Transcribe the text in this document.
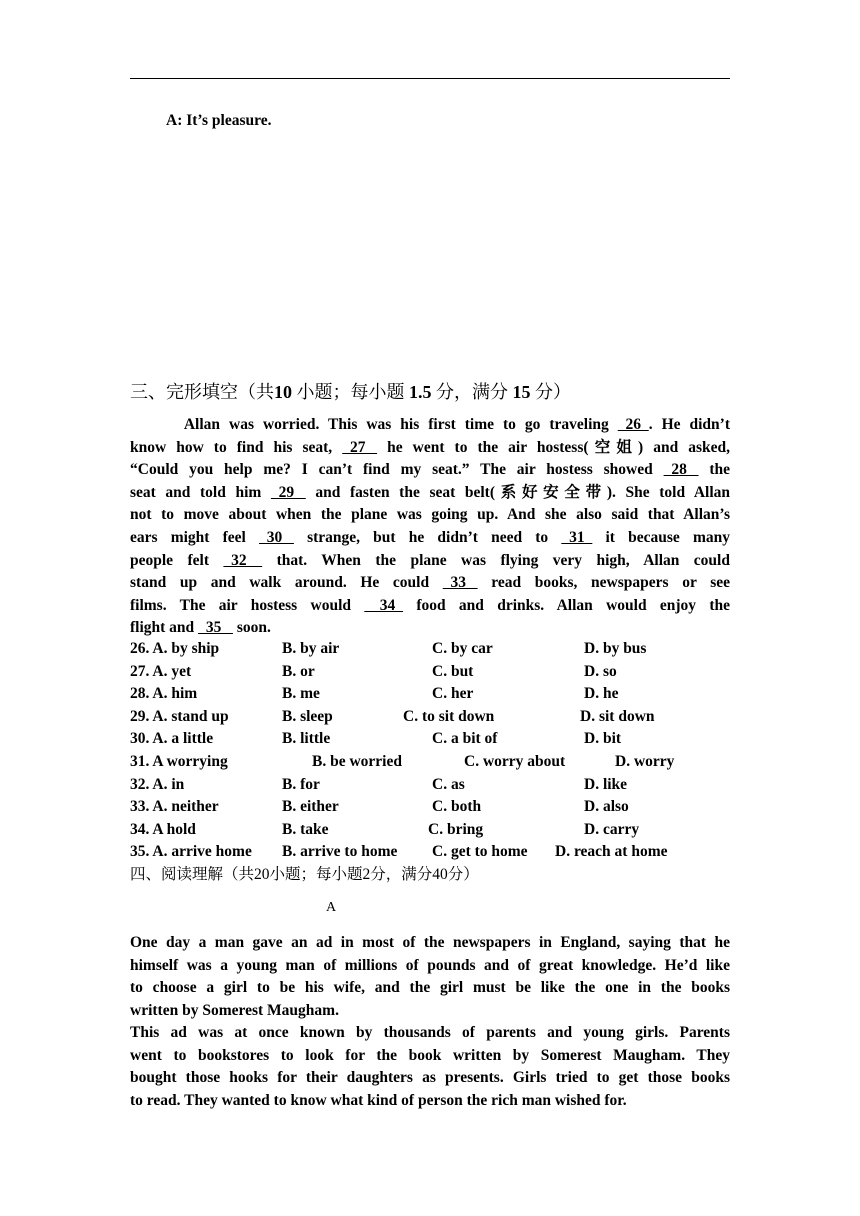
A: It’s pleasure.
三、完形填空（共10 小题；每小题 1.5 分，满分 15 分）
Allan was worried. This was his first time to go traveling   26  . He didn’t
know how to find his seat,   27    he went to the air hostess(空姐) and asked,
“Could you help me? I can’t find my seat.” The air hostess showed   28    the
seat and told him   29    and fasten the seat belt(系好安全带). She told Allan
not to move about when the plane was going up. And she also said that Allan’s
ears might feel   30    strange, but he didn’t need to   31   it because many
people felt   32     that. When the plane was flying very high, Allan could
stand up and walk around. He could   33    read books, newspapers or see
films. The air hostess would     34   food and drinks. Allan would enjoy the
flight and   35    soon.
26. A. by ship	B. by air	C. by car	D. by bus
27. A. yet	B. or	C. but	D. so
28. A. him	B. me	C. her	D. he
29. A. stand up	B. sleep	C. to sit down	D. sit down
30. A. a little	B. little	C. a bit of	D. bit
31. A worrying	B. be worried	C. worry about	D. worry
32. A. in	B. for	C. as	D. like
33. A. neither	B. either	C. both	D. also
34. A hold	B. take	C. bring	D. carry
35. A. arrive home B. arrive to home C. get to home D. reach at home
四、阅读理解（共20小题；每小题2分，满分40分）
A
One day a man gave an ad in most of the newspapers in England, saying that he
himself was a young man of millions of pounds and of great knowledge. He’d like
to choose a girl to be his wife, and the girl must be like the one in the books
written by Somerest Maugham.
This ad was at once known by thousands of parents and young girls. Parents
went to bookstores to look for the book written by Somerest Maugham. They
bought those hooks for their daughters as presents. Girls tried to get those books
to read. They wanted to know what kind of person the rich man wished for.
